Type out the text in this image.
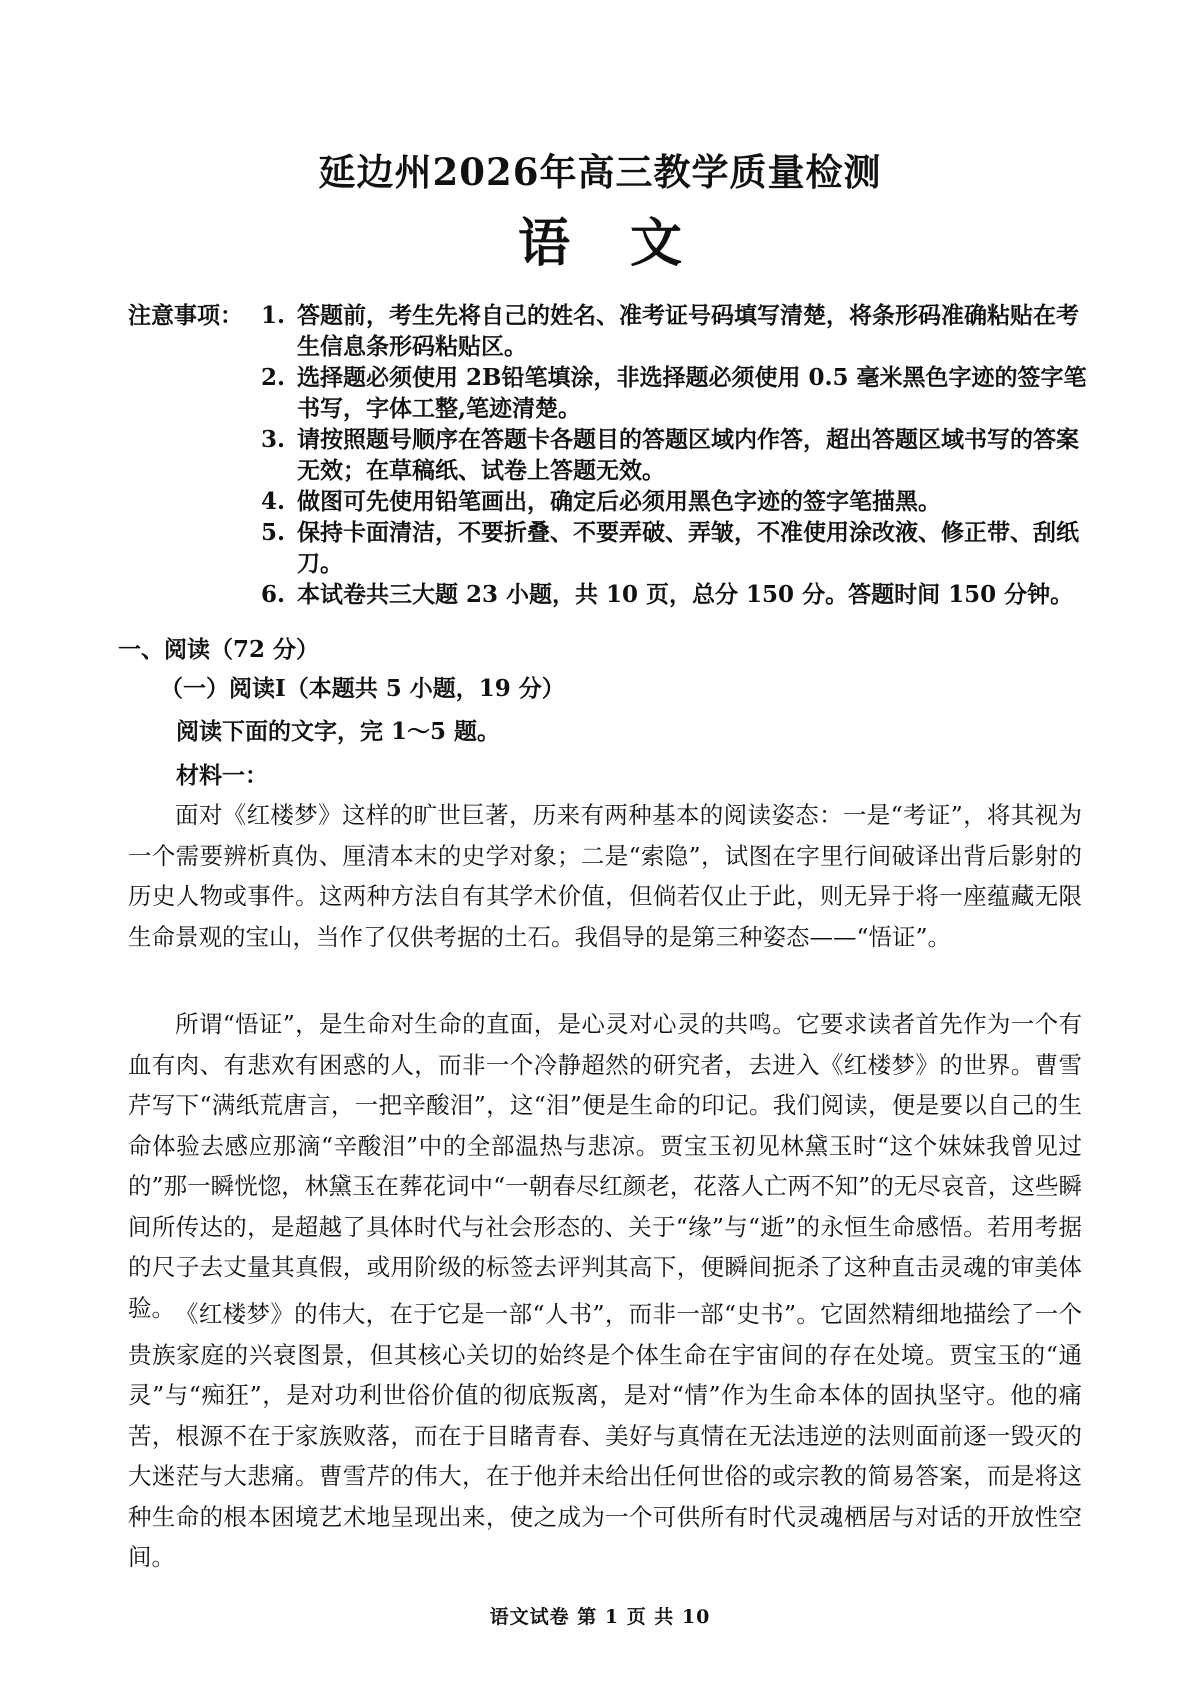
延边州2026年高三教学质量检测
语文
注意事项： 1. 答题前，考生先将自己的姓名、准考证号码填写清楚，将条形码准确粘贴在考生信息条形码粘贴区。
2. 选择题必须使用 2B铅笔填涂，非选择题必须使用 0.5 毫米黑色字迹的签字笔书写，字体工整,笔迹清楚。
3. 请按照题号顺序在答题卡各题目的答题区域内作答，超出答题区域书写的答案无效；在草稿纸、试卷上答题无效。
4. 做图可先使用铅笔画出，确定后必须用黑色字迹的签字笔描黑。
5. 保持卡面清洁，不要折叠、不要弄破、弄皱，不准使用涂改液、修正带、刮纸刀。
6. 本试卷共三大题 23 小题，共 10 页，总分 150 分。答题时间 150 分钟。
一、阅读（72 分）
（一）阅读Ⅰ（本题共 5 小题，19 分）
阅读下面的文字，完 1～5 题。
材料一：

面对《红楼梦》这样的旷世巨著，历来有两种基本的阅读姿态：一是“考证”，将其视为一个需要辨析真伪、厘清本末的史学对象；二是“索隐”，试图在字里行间破译出背后影射的历史人物或事件。这两种方法自有其学术价值，但倘若仅止于此，则无异于将一座蕴藏无限生命景观的宝山，当作了仅供考据的土石。我倡导的是第三种姿态——“悟证”。

所谓“悟证”，是生命对生命的直面，是心灵对心灵的共鸣。它要求读者首先作为一个有血有肉、有悲欢有困惑的人，而非一个冷静超然的研究者，去进入《红楼梦》的世界。曹雪芹写下“满纸荒唐言，一把辛酸泪”，这“泪”便是生命的印记。我们阅读，便是要以自己的生命体验去感应那滴“辛酸泪”中的全部温热与悲凉。贾宝玉初见林黛玉时“这个妹妹我曾见过的”那一瞬恍惚，林黛玉在葬花词中“一朝春尽红颜老，花落人亡两不知”的无尽哀音，这些瞬间所传达的，是超越了具体时代与社会形态的、关于“缘”与“逝”的永恒生命感悟。若用考据的尺子去丈量其真假，或用阶级的标签去评判其高下，便瞬间扼杀了这种直击灵魂的审美体验。 《红楼梦》的伟大，在于它是一部“人书”，而非一部“史书”。它固然精细地描绘了一个贵族家庭的兴衰图景，但其核心关切的始终是个体生命在宇宙间的存在处境。贾宝玉的“通灵”与“痴狂”，是对功利世俗价值的彻底叛离，是对“情”作为生命本体的固执坚守。他的痛苦，根源不在于家族败落，而在于目睹青春、美好与真情在无法违逆的法则面前逐一毁灭的大迷茫与大悲痛。曹雪芹的伟大，在于他并未给出任何世俗的或宗教的简易答案，而是将这种生命的根本困境艺术地呈现出来，使之成为一个可供所有时代灵魂栖居与对话的开放性空间。

语文试卷 第 1 页 共 10
